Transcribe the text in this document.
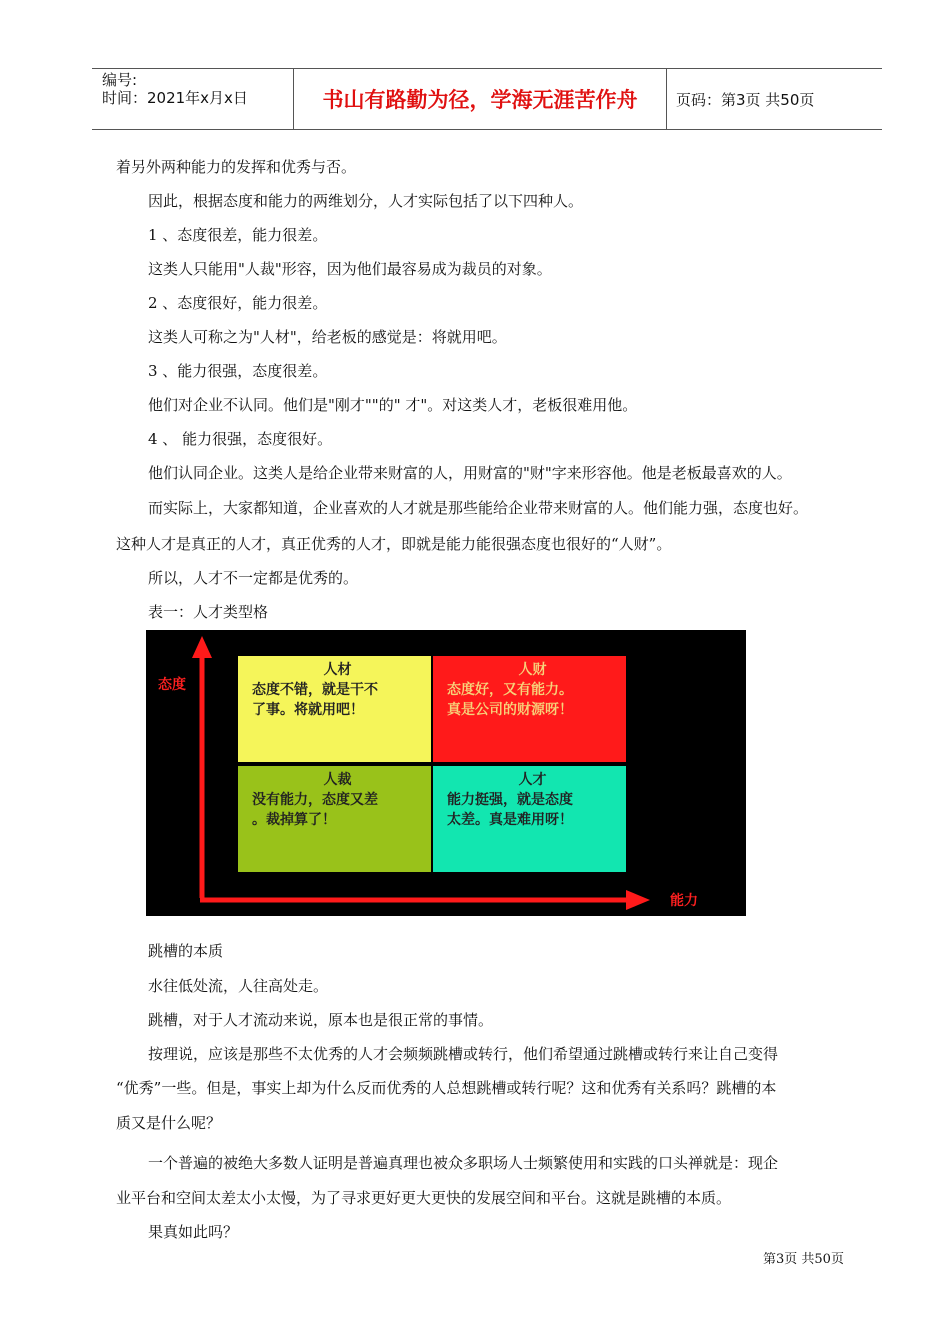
编号:
时间：2021年x月x日	书山有路勤为径，学海无涯苦作舟	页码：第3页 共50页
着另外两种能力的发挥和优秀与否。
因此，根据态度和能力的两维划分，人才实际包括了以下四种人。
1 、态度很差，能力很差。
这类人只能用"人裁"形容，因为他们最容易成为裁员的对象。
2 、态度很好，能力很差。
这类人可称之为"人材"，给老板的感觉是：将就用吧。
3 、能力很强，态度很差。
他们对企业不认同。他们是"刚才""的" 才"。对这类人才，老板很难用他。
4 、 能力很强，态度很好。
他们认同企业。这类人是给企业带来财富的人，用财富的"财"字来形容他。他是老板最喜欢的人。
而实际上，大家都知道，企业喜欢的人才就是那些能给企业带来财富的人。他们能力强，态度也好。
这种人才是真正的人才，真正优秀的人才，即就是能力能很强态度也很好的“人财”。
所以，人才不一定都是优秀的。
表一：人才类型格
态度
能力
人材
态度不错，就是干不
了事。将就用吧！
人财
态度好，又有能力。
真是公司的财源呀！
人裁
没有能力，态度又差
。裁掉算了！
人才
能力挺强，就是态度
太差。真是难用呀！
跳槽的本质
水往低处流，人往高处走。
跳槽，对于人才流动来说，原本也是很正常的事情。
按理说，应该是那些不太优秀的人才会频频跳槽或转行，他们希望通过跳槽或转行来让自己变得
“优秀”一些。但是，事实上却为什么反而优秀的人总想跳槽或转行呢？这和优秀有关系吗？跳槽的本
质又是什么呢？
一个普遍的被绝大多数人证明是普遍真理也被众多职场人士频繁使用和实践的口头禅就是：现企
业平台和空间太差太小太慢，为了寻求更好更大更快的发展空间和平台。这就是跳槽的本质。
果真如此吗？
第3页 共50页
